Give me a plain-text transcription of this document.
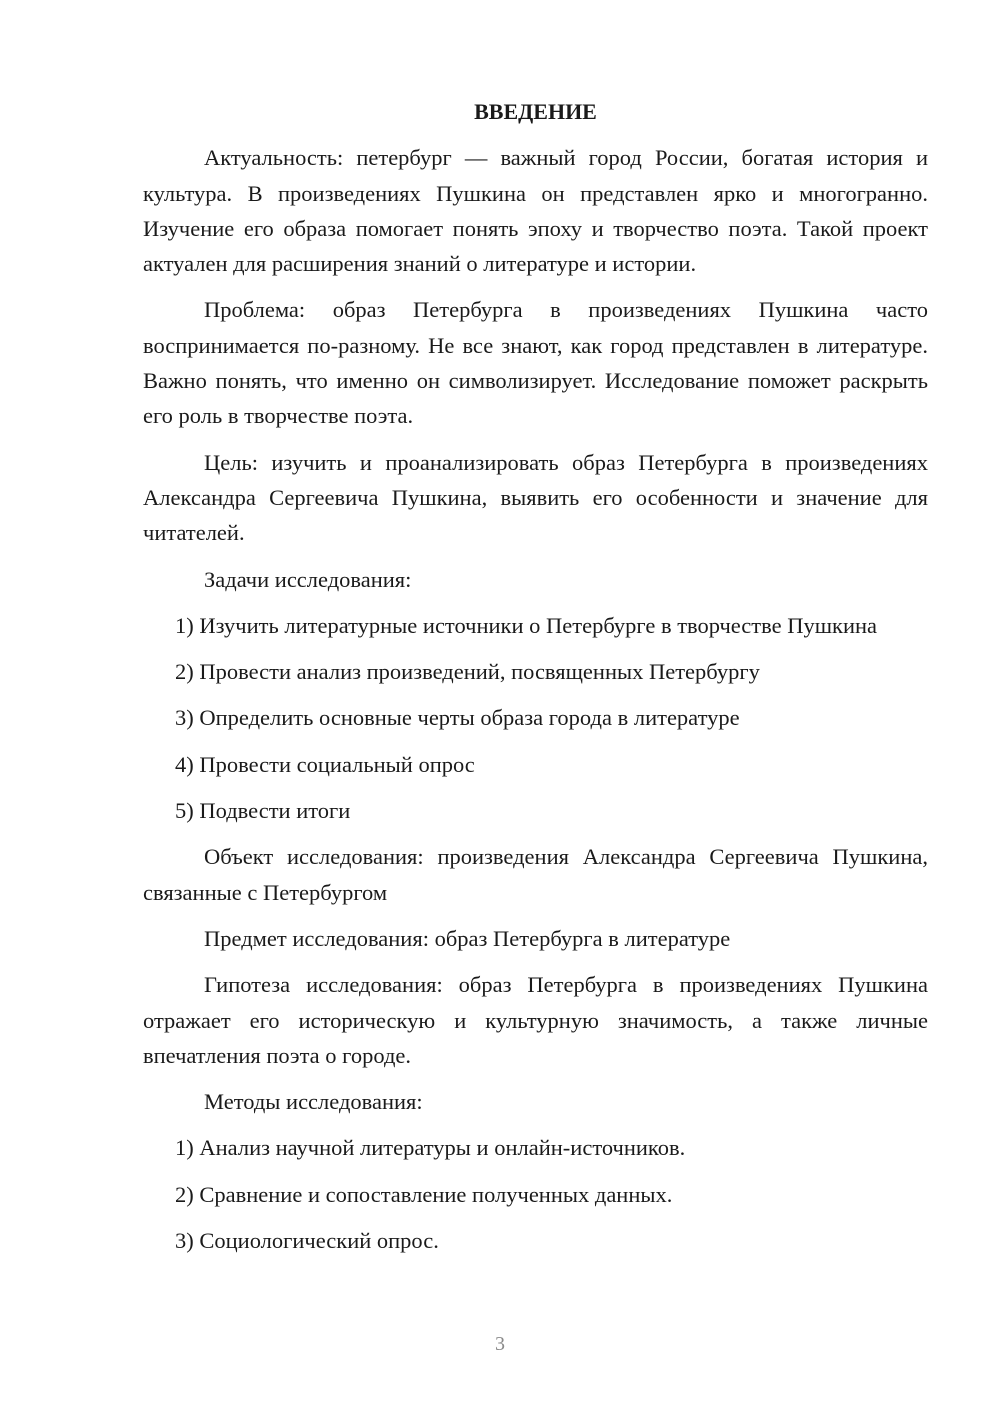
ВВЕДЕНИЕ

Актуальность: петербург — важный город России, богатая история и культура. В произведениях Пушкина он представлен ярко и многогранно. Изучение его образа помогает понять эпоху и творчество поэта. Такой проект актуален для расширения знаний о литературе и истории.

Проблема: образ Петербурга в произведениях Пушкина часто воспринимается по-разному. Не все знают, как город представлен в литературе. Важно понять, что именно он символизирует. Исследование поможет раскрыть его роль в творчестве поэта.

Цель: изучить и проанализировать образ Петербурга в произведениях Александра Сергеевича Пушкина, выявить его особенности и значение для читателей.

Задачи исследования:

1) Изучить литературные источники о Петербурге в творчестве Пушкина

2) Провести анализ произведений, посвященных Петербургу

3) Определить основные черты образа города в литературе

4) Провести социальный опрос

5) Подвести итоги

Объект исследования: произведения Александра Сергеевича Пушкина, связанные с Петербургом

Предмет исследования: образ Петербурга в литературе

Гипотеза исследования: образ Петербурга в произведениях Пушкина отражает его историческую и культурную значимость, а также личные впечатления поэта о городе.

Методы исследования:

1) Анализ научной литературы и онлайн-источников.

2) Сравнение и сопоставление полученных данных.

3) Социологический опрос.

3
